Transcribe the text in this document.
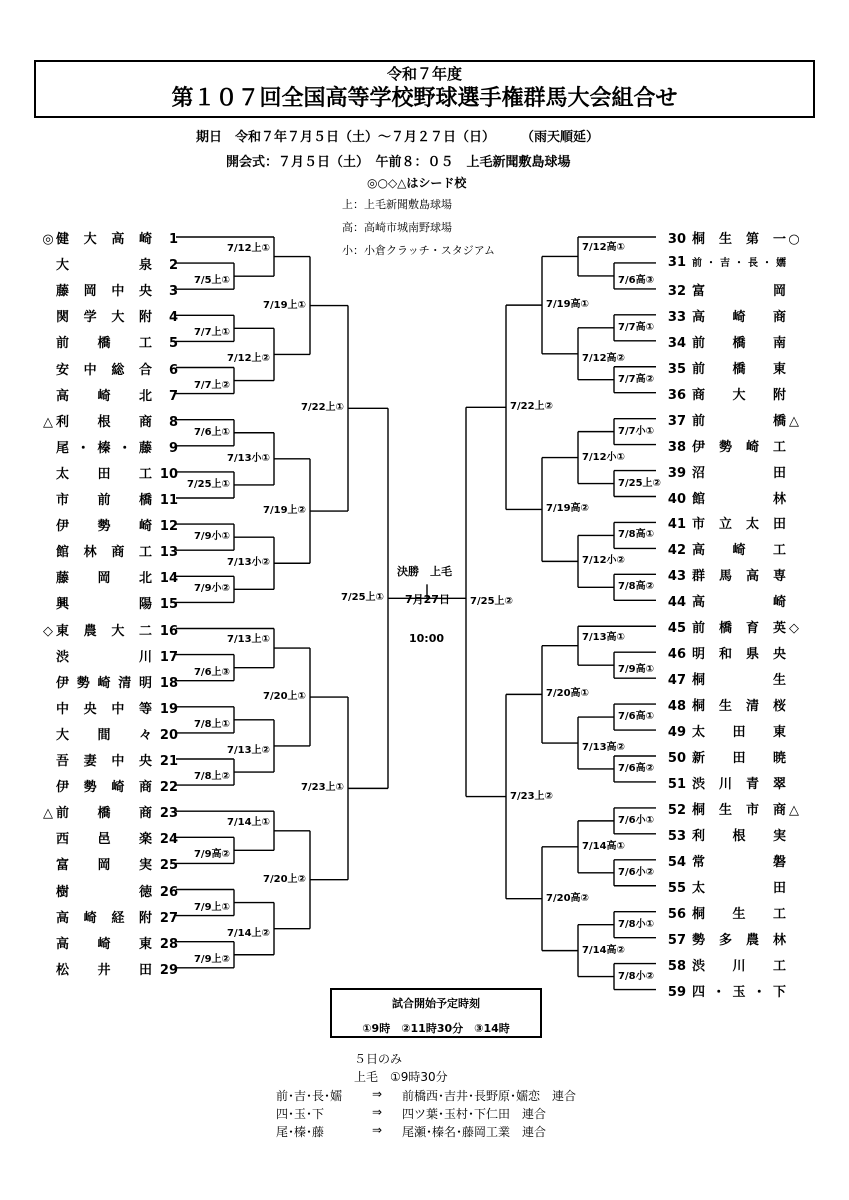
令和７年度
第１０７回全国高等学校野球選手権群馬大会組合せ
期日　令和７年７月５日（土）～７月２７日（日）　　　（雨天順延）
開会式：７月５日（土）　午前８：０５　上毛新聞敷島球場
◎○◇△はシード校
上：上毛新聞敷島球場
高：高崎市城南野球場
小：小倉クラッチ・スタジアム
◎ 健大高崎 1
大泉 2
藤岡中央 3
関学大附 4
前橋工 5
安中総合 6
高崎北 7
△ 利根商 8
尾・榛・藤 9
太田工 10
市前橋 11
伊勢崎 12
館林商工 13
藤岡北 14
興陽 15
◇ 東農大二 16
渋川 17
伊勢崎清明 18
中央中等 19
大間々 20
吾妻中央 21
伊勢崎商 22
△ 前橋商 23
西邑楽 24
富岡実 25
樹徳 26
高崎経附 27
高崎東 28
松井田 29
30 桐生第一 ○
31 前・吉・長・嬬
32 富岡
33 高崎商
34 前橋南
35 前橋東
36 商大附
37 前橋 △
38 伊勢崎工
39 沼田
40 館林
41 市立太田
42 高崎工
43 群馬高専
44 高崎
45 前橋育英 ◇
46 明和県央
47 桐生
48 桐生清桜
49 太田東
50 新田暁
51 渋川青翠
52 桐生市商 △
53 利根実
54 常磐
55 太田
56 桐生工
57 勢多農林
58 渋川工
59 四・玉・下
7/5上①
7/7上①
7/7上②
7/12上①
7/12上②
7/19上①
7/6上①
7/25上①
7/9小①
7/9小②
7/13小①
7/13小②
7/19上②
7/22上①
7/6上③
7/8上①
7/8上②
7/13上①
7/13上②
7/20上①
7/9高②
7/9上①
7/9上②
7/14上①
7/14上②
7/20上②
7/23上①
7/25上①
7/6高③
7/7高①
7/7高②
7/12高①
7/12高②
7/19高①
7/7小①
7/25上②
7/8高①
7/8高②
7/12小①
7/12小②
7/19高②
7/22上②
7/9高①
7/6高①
7/6高②
7/13高①
7/13高②
7/20高①
7/6小①
7/6小②
7/8小①
7/8小②
7/14高①
7/14高②
7/20高②
7/23上②
7/25上②
決勝　上毛
7月27日
10:00
試合開始予定時刻
①9時　②11時30分　③14時
５日のみ
上毛　①9時30分
前･吉･長･嬬 ⇒ 前橋西･吉井･長野原･嬬恋　連合
四･玉･下	⇒ 四ツ葉･玉村･下仁田　連合
尾･榛･藤	⇒ 尾瀬･榛名･藤岡工業　連合
